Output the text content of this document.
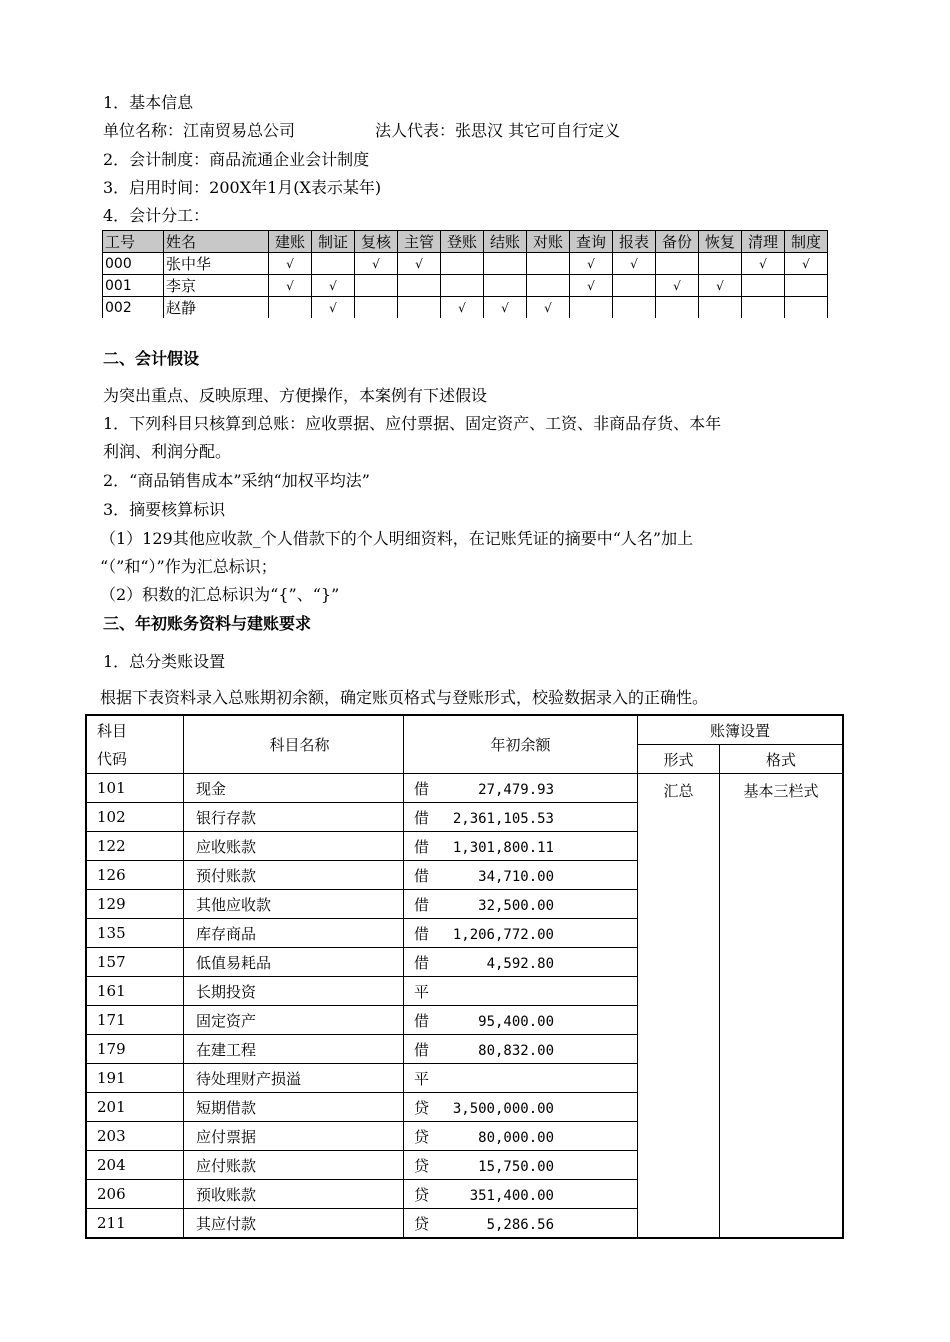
1．基本信息
单位名称：江南贸易总公司	法人代表：张思汉 其它可自行定义
2．会计制度：商品流通企业会计制度
3．启用时间：200X年1月(X表示某年)
4．会计分工：
工号	姓名	建账	制证	复核	主管	登账	结账	对账	查询	报表	备份	恢复	清理	制度
000	张中华	√		√	√				√	√			√	√
001	李京	√	√						√		√	√		
002	赵静		√			√	√	√						
二、会计假设
为突出重点、反映原理、方便操作，本案例有下述假设
1．下列科目只核算到总账：应收票据、应付票据、固定资产、工资、非商品存货、本年
利润、利润分配。
2．“商品销售成本”采纳“加权平均法”
3．摘要核算标识
（1）129其他应收款_个人借款下的个人明细资料，在记账凭证的摘要中“人名”加上
“（”和“）”作为汇总标识；
（2）积数的汇总标识为“{”、“}”
三、年初账务资料与建账要求
1．总分类账设置
根据下表资料录入总账期初余额，确定账页格式与登账形式，校验数据录入的正确性。
科目
代码	科目名称	年初余额	账簿设置	
			形式	格式
101	现金	借 27,479.93	汇总	基本三栏式
102	银行存款	借 2,361,105.53		
122	应收账款	借 1,301,800.11		
126	预付账款	借 34,710.00		
129	其他应收款	借 32,500.00		
135	库存商品	借 1,206,772.00		
157	低值易耗品	借 4,592.80		
161	长期投资	平		
171	固定资产	借 95,400.00		
179	在建工程	借 80,832.00		
191	待处理财产损溢	平		
201	短期借款	贷 3,500,000.00		
203	应付票据	贷 80,000.00		
204	应付账款	贷 15,750.00		
206	预收账款	贷 351,400.00		
211	其应付款	贷 5,286.56		
